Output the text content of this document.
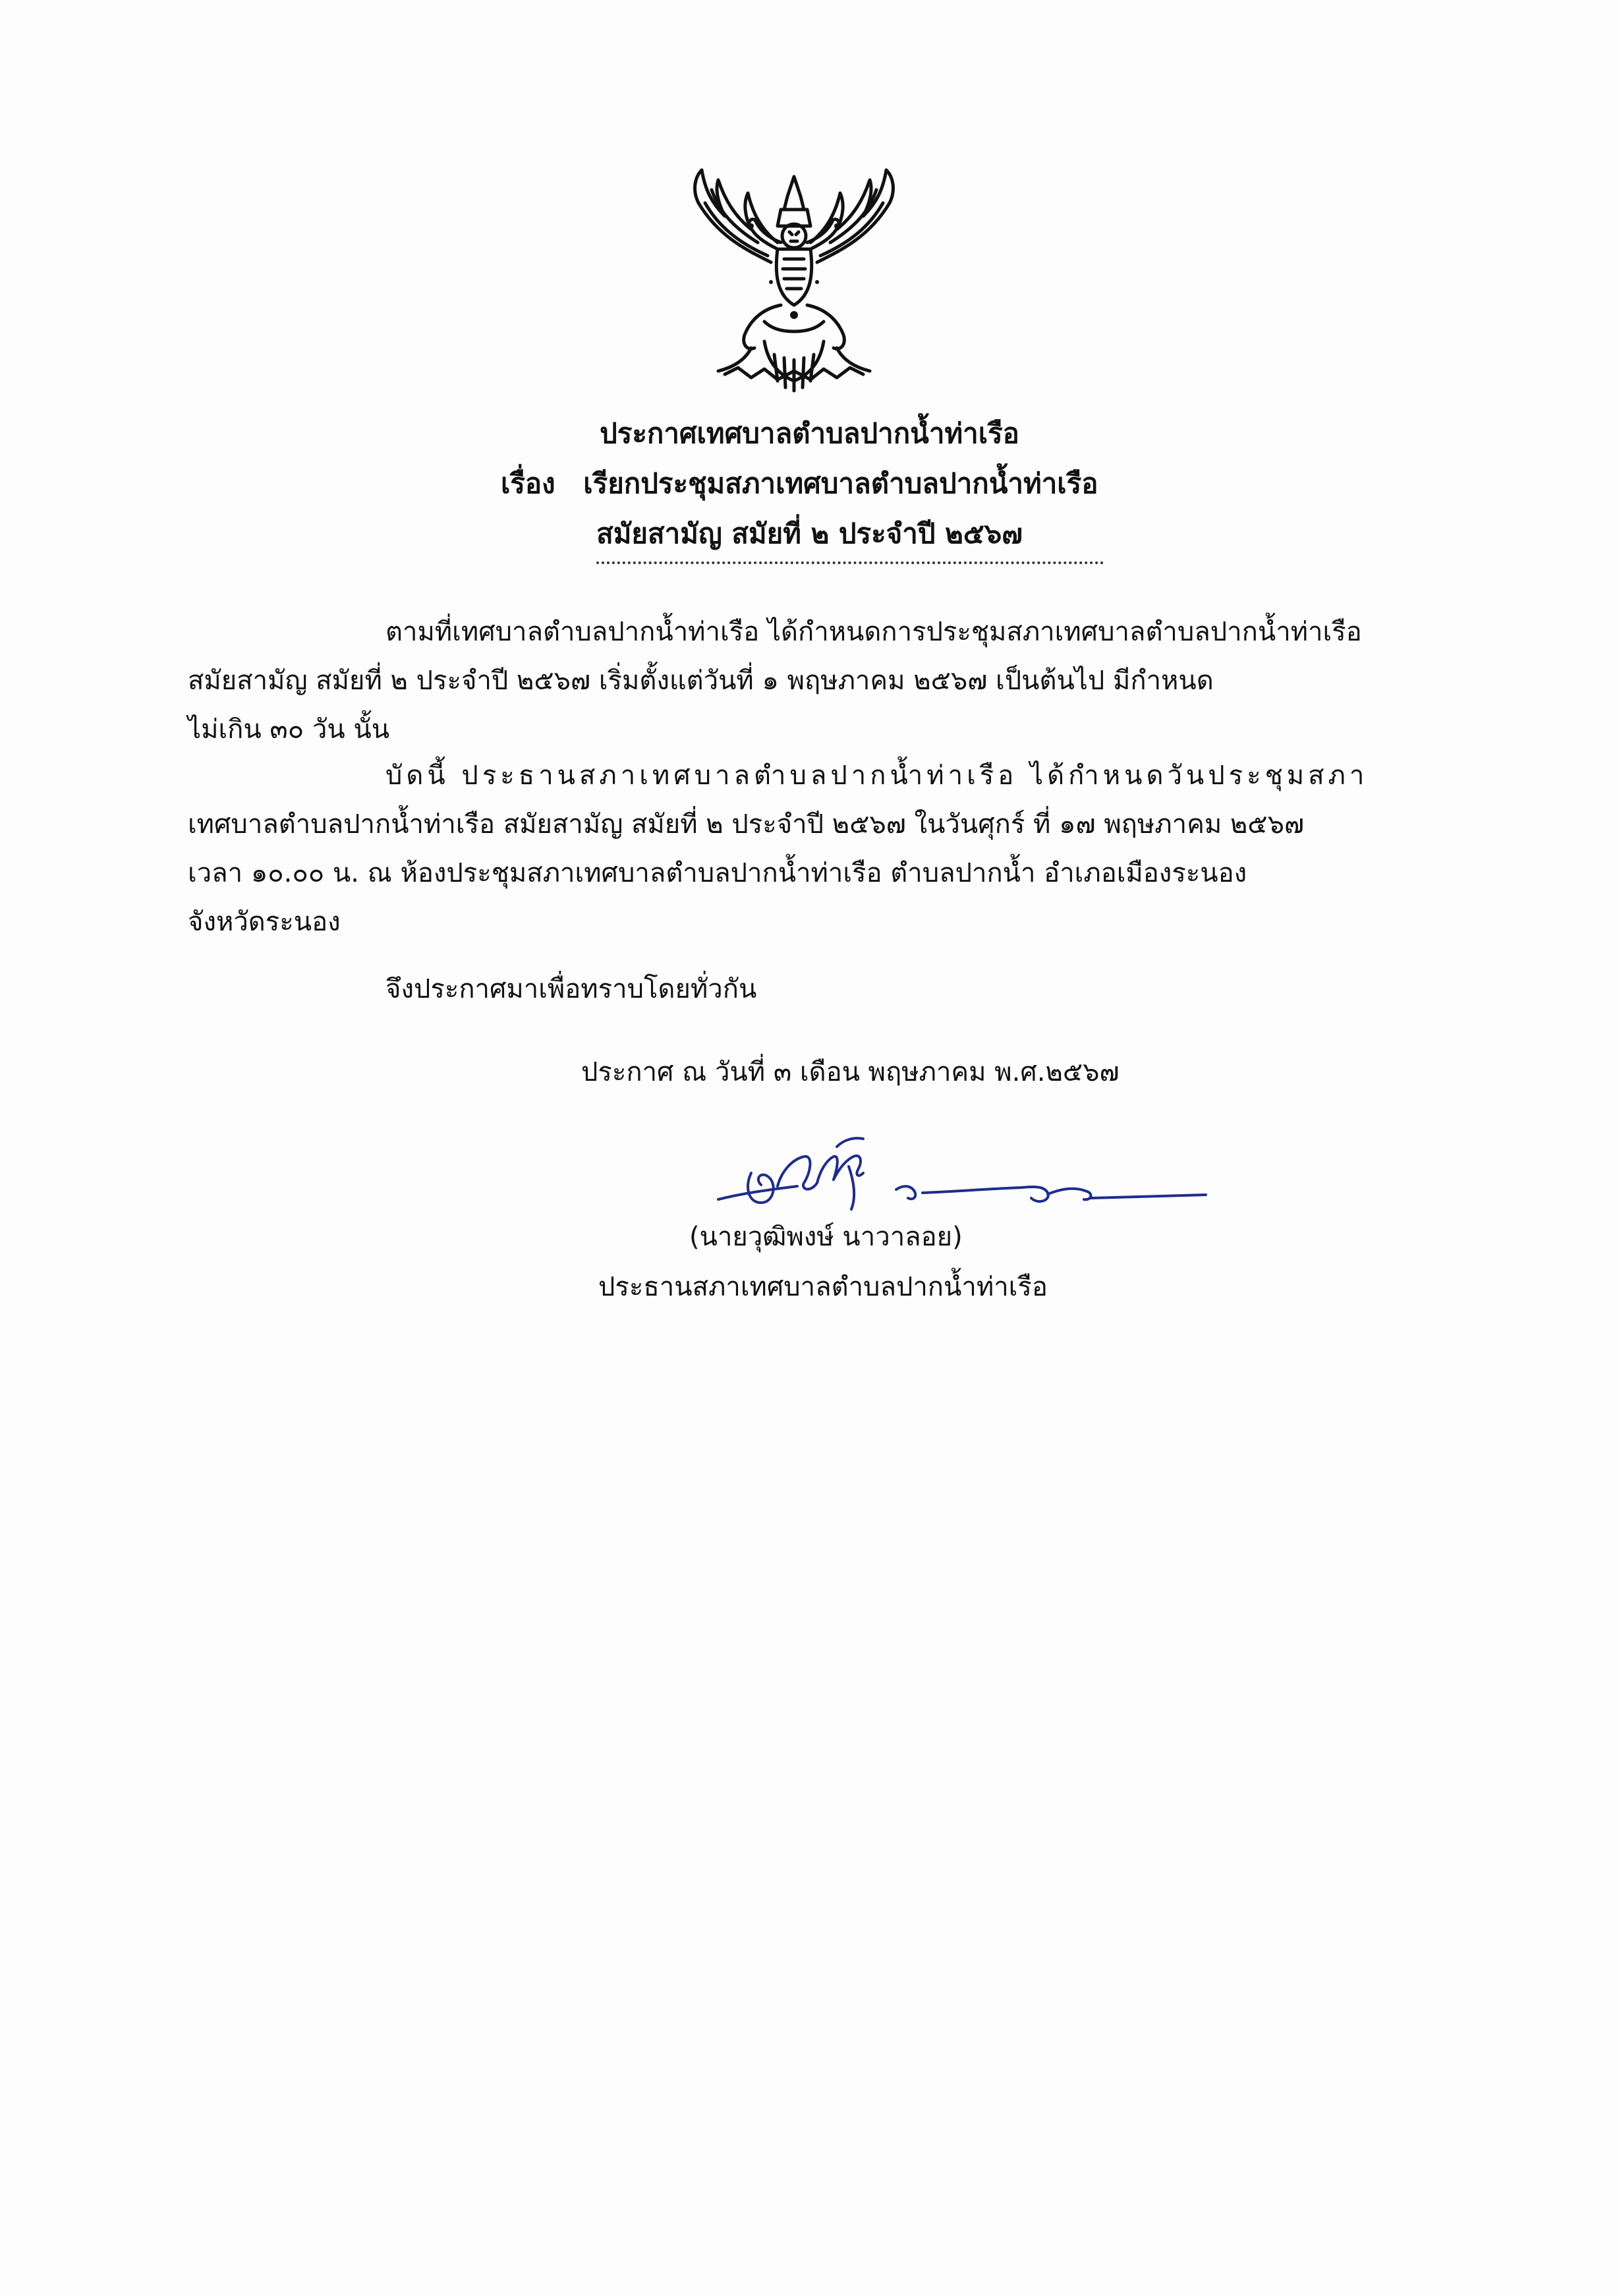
ประกาศเทศบาลตำบลปากน้ำท่าเรือ
เรื่อง เรียกประชุมสภาเทศบาลตำบลปากน้ำท่าเรือ
สมัยสามัญ สมัยที่ ๒ ประจำปี ๒๕๖๗
ตามที่เทศบาลตำบลปากน้ำท่าเรือ ได้กำหนดการประชุมสภาเทศบาลตำบลปากน้ำท่าเรือ
สมัยสามัญ สมัยที่ ๒ ประจำปี ๒๕๖๗ เริ่มตั้งแต่วันที่ ๑ พฤษภาคม ๒๕๖๗ เป็นต้นไป มีกำหนด
ไม่เกิน ๓๐ วัน นั้น
บัดนี้ ประธานสภาเทศบาลตำบลปากน้ำท่าเรือ ได้กำหนดวันประชุมสภา
เทศบาลตำบลปากน้ำท่าเรือ สมัยสามัญ สมัยที่ ๒ ประจำปี ๒๕๖๗ ในวันศุกร์ ที่ ๑๗ พฤษภาคม ๒๕๖๗
เวลา ๑๐.๐๐ น. ณ ห้องประชุมสภาเทศบาลตำบลปากน้ำท่าเรือ ตำบลปากน้ำ อำเภอเมืองระนอง
จังหวัดระนอง
จึงประกาศมาเพื่อทราบโดยทั่วกัน
ประกาศ ณ วันที่ ๓ เดือน พฤษภาคม พ.ศ.๒๕๖๗
(นายวุฒิพงษ์ นาวาลอย)
ประธานสภาเทศบาลตำบลปากน้ำท่าเรือ
